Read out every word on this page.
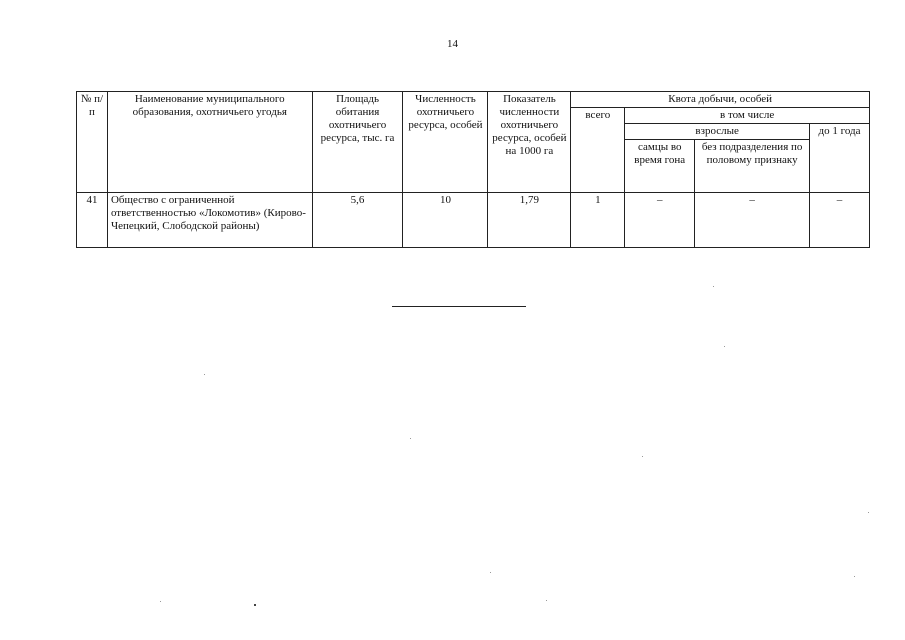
14
№ п/п	Наименование муниципального образования, охотничьего угодья	Площадь обитания охотничьего ресурса, тыс. га	Численность охотничьего ресурса, особей	Показатель численности охотничьего ресурса, особей на 1000 га	Квота добычи, особей			
					всего	в том числе		
						взрослые		до 1 года
						самцы во время гона	без подразделения по половому признаку	
41	Общество с ограниченной ответственностью «Локомотив» (Кирово-Чепецкий, Слободской районы)	5,6	10	1,79	1	–	–	–
